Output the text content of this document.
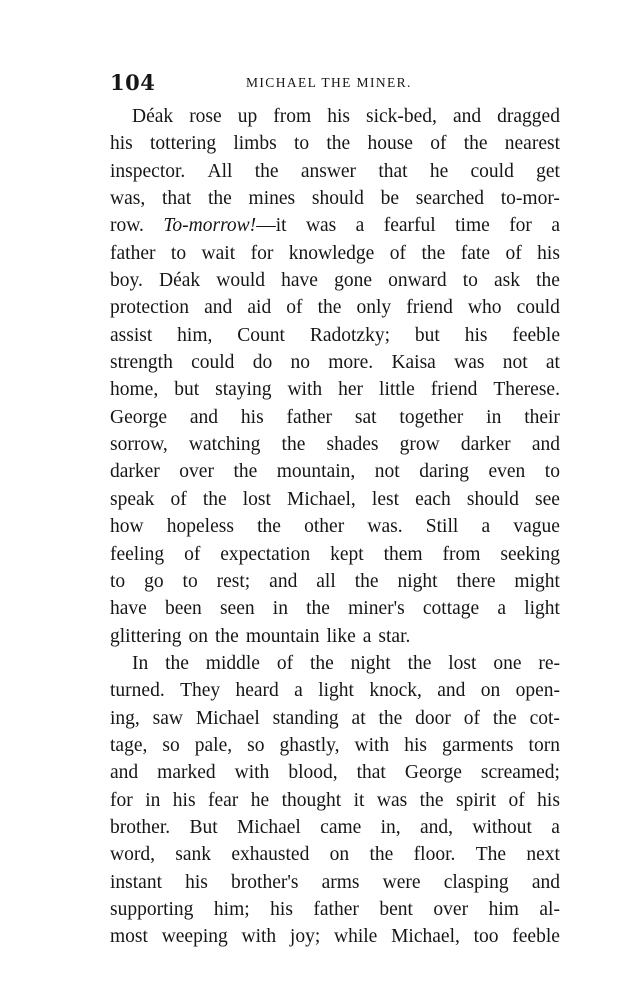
104	MICHAEL THE MINER.
Déak rose up from his sick-bed, and dragged
his tottering limbs to the house of the nearest
inspector. All the answer that he could get
was, that the mines should be searched to-mor-
row. To-morrow!—it was a fearful time for a
father to wait for knowledge of the fate of his
boy. Déak would have gone onward to ask the
protection and aid of the only friend who could
assist him, Count Radotzky; but his feeble
strength could do no more. Kaisa was not at
home, but staying with her little friend Therese.
George and his father sat together in their
sorrow, watching the shades grow darker and
darker over the mountain, not daring even to
speak of the lost Michael, lest each should see
how hopeless the other was. Still a vague
feeling of expectation kept them from seeking
to go to rest; and all the night there might
have been seen in the miner's cottage a light
glittering on the mountain like a star.
In the middle of the night the lost one re-
turned. They heard a light knock, and on open-
ing, saw Michael standing at the door of the cot-
tage, so pale, so ghastly, with his garments torn
and marked with blood, that George screamed;
for in his fear he thought it was the spirit of his
brother. But Michael came in, and, without a
word, sank exhausted on the floor. The next
instant his brother's arms were clasping and
supporting him; his father bent over him al-
most weeping with joy; while Michael, too feeble
